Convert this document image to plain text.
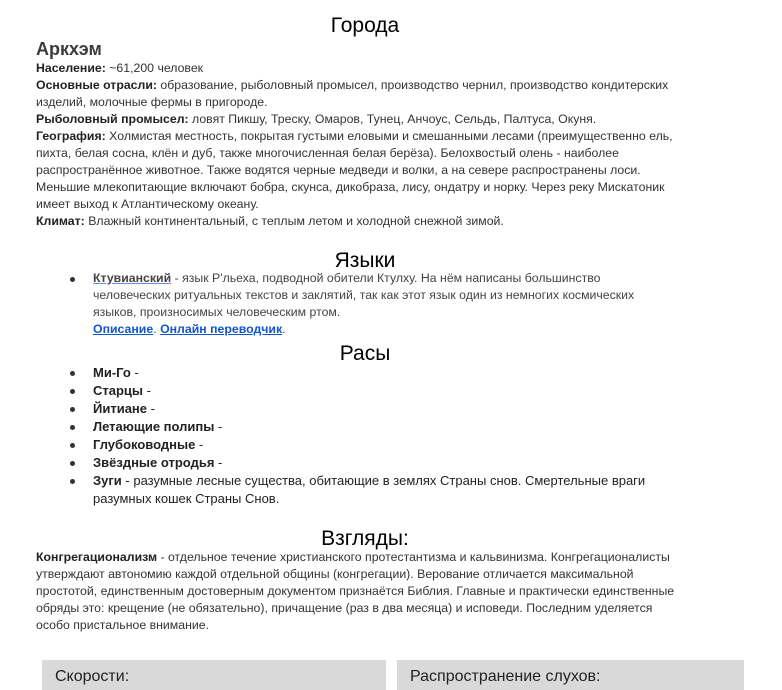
Города
Аркхэм

Население: ~61,200 человек

Основные отрасли: образование, рыболовный промысел, производство чернил, производство кондитерских изделий, молочные фермы в пригороде.

Рыболовный промысел: ловят Пикшу, Треску, Омаров, Тунец, Анчоус, Сельдь, Палтуса, Окуня.

География: Холмистая местность, покрытая густыми еловыми и смешанными лесами (преимущественно ель, пихта, белая сосна, клён и дуб, также многочисленная белая берёза). Белохвостый олень - наиболее распространённое животное. Также водятся черные медведи и волки, а на севере распространены лоси. Меньшие млекопитающие включают бобра, скунса, дикобраза, лису, ондатру и норку. Через реку Мискатоник имеет выход к Атлантическому океану.

Климат: Влажный континентальный, с теплым летом и холодной снежной зимой.

Языки
Ктувианский - язык Р'льеха, подводной обители Ктулху. На нём написаны большинство человеческих ритуальных текстов и заклятий, так как этот язык один из немногих космических языков, произносимых человеческим ртом.
Описание. Онлайн переводчик.
Расы
Ми-Го -
Старцы -
Йитиане -
Летающие полипы -
Глубоководные -
Звёздные отродья -
Зуги - разумные лесные существа, обитающие в землях Страны снов. Смертельные враги разумных кошек Страны Снов.
Взгляды:

Конгрегационализм - отдельное течение христианского протестантизма и кальвинизма. Конгрегационалисты утверждают автономию каждой отдельной общины (конгрегации). Верование отличается максимальной простотой, единственным достоверным документом признаётся Библия. Главные и практически единственные обряды это: крещение (не обязательно), причащение (раз в два месяца) и исповеди. Последним уделяется особо пристальное внимание.

Скорости:	Распространение слухов:
